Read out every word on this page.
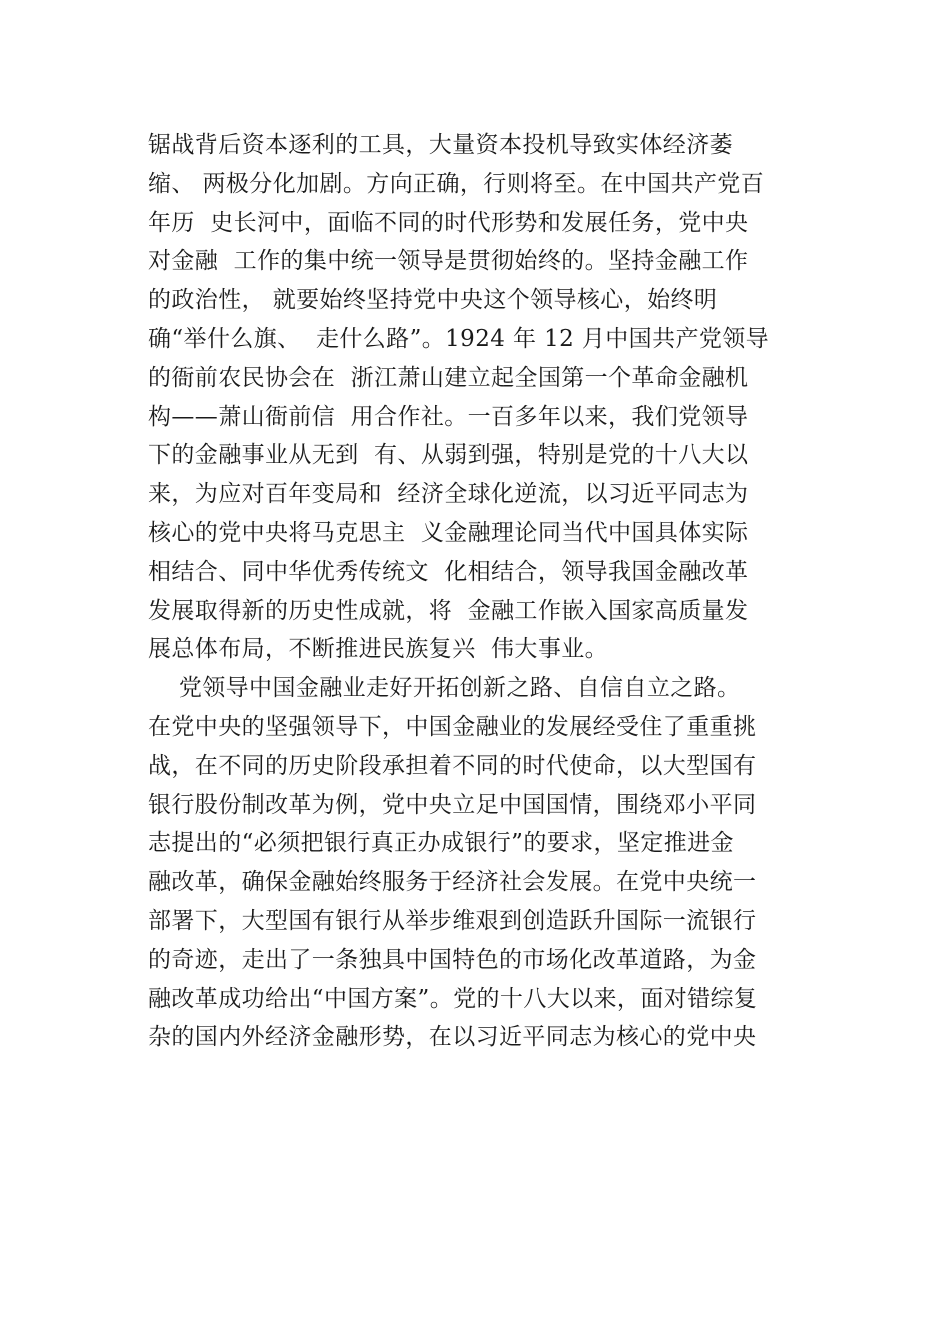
锯战背后资本逐利的工具，大量资本投机导致实体经济萎
缩、 两极分化加剧。方向正确，行则将至。在中国共产党百
年历  史长河中，面临不同的时代形势和发展任务，党中央
对金融  工作的集中统一领导是贯彻始终的。坚持金融工作
的政治性， 就要始终坚持党中央这个领导核心，始终明
确“举什么旗、  走什么路”。1924 年 12 月中国共产党领导
的衙前农民协会在  浙江萧山建立起全国第一个革命金融机
构——萧山衙前信  用合作社。一百多年以来，我们党领导
下的金融事业从无到  有、从弱到强，特别是党的十八大以
来，为应对百年变局和  经济全球化逆流，以习近平同志为
核心的党中央将马克思主  义金融理论同当代中国具体实际
相结合、同中华优秀传统文  化相结合，领导我国金融改革
发展取得新的历史性成就，将  金融工作嵌入国家高质量发
展总体布局，不断推进民族复兴  伟大事业。
党领导中国金融业走好开拓创新之路、自信自立之路。
在党中央的坚强领导下，中国金融业的发展经受住了重重挑
战，在不同的历史阶段承担着不同的时代使命，以大型国有
银行股份制改革为例，党中央立足中国国情，围绕邓小平同
志提出的“必须把银行真正办成银行”的要求，坚定推进金
融改革，确保金融始终服务于经济社会发展。在党中央统一
部署下，大型国有银行从举步维艰到创造跃升国际一流银行
的奇迹，走出了一条独具中国特色的市场化改革道路，为金
融改革成功给出“中国方案”。党的十八大以来，面对错综复
杂的国内外经济金融形势，在以习近平同志为核心的党中央
